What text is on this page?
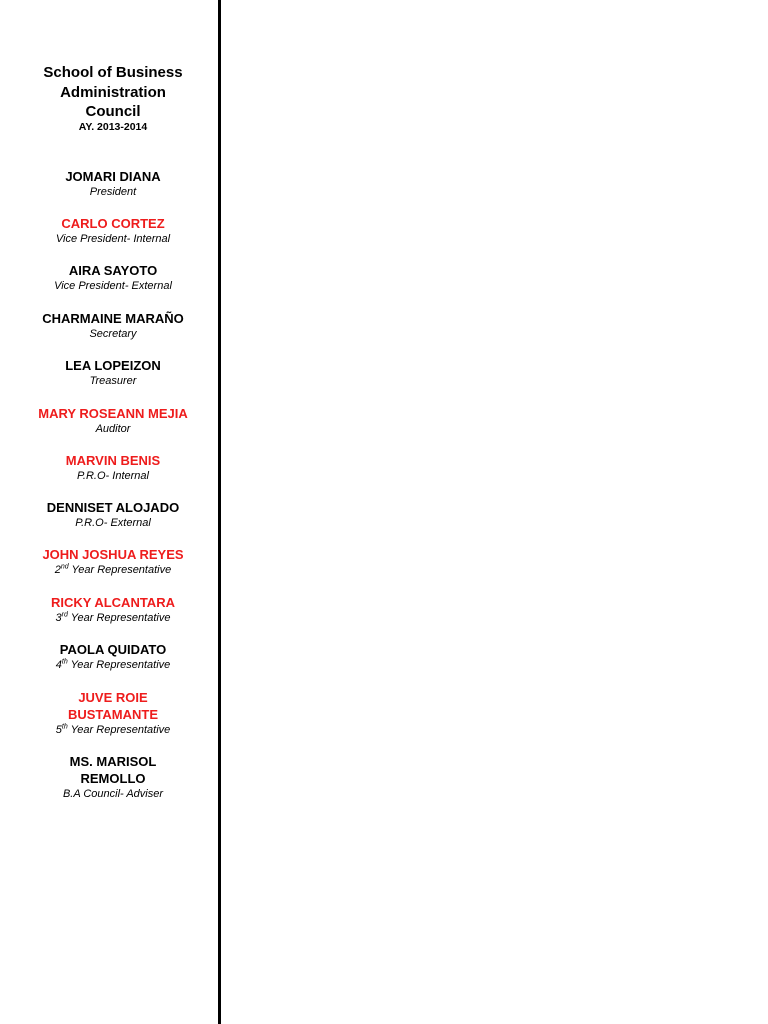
School of Business
Administration
Council
AY. 2013-2014
JOMARI DIANA
President
CARLO CORTEZ
Vice President- Internal
AIRA SAYOTO
Vice President- External
CHARMAINE MARAÑO
Secretary
LEA LOPEIZON
Treasurer
MARY ROSEANN MEJIA
Auditor
MARVIN BENIS
P.R.O- Internal
DENNISET ALOJADO
P.R.O- External
JOHN JOSHUA REYES
2nd Year Representative
RICKY ALCANTARA
3rd Year Representative
PAOLA QUIDATO
4th Year Representative
JUVE ROIE
BUSTAMANTE
5th Year Representative
MS. MARISOL
REMOLLO
B.A Council- Adviser
